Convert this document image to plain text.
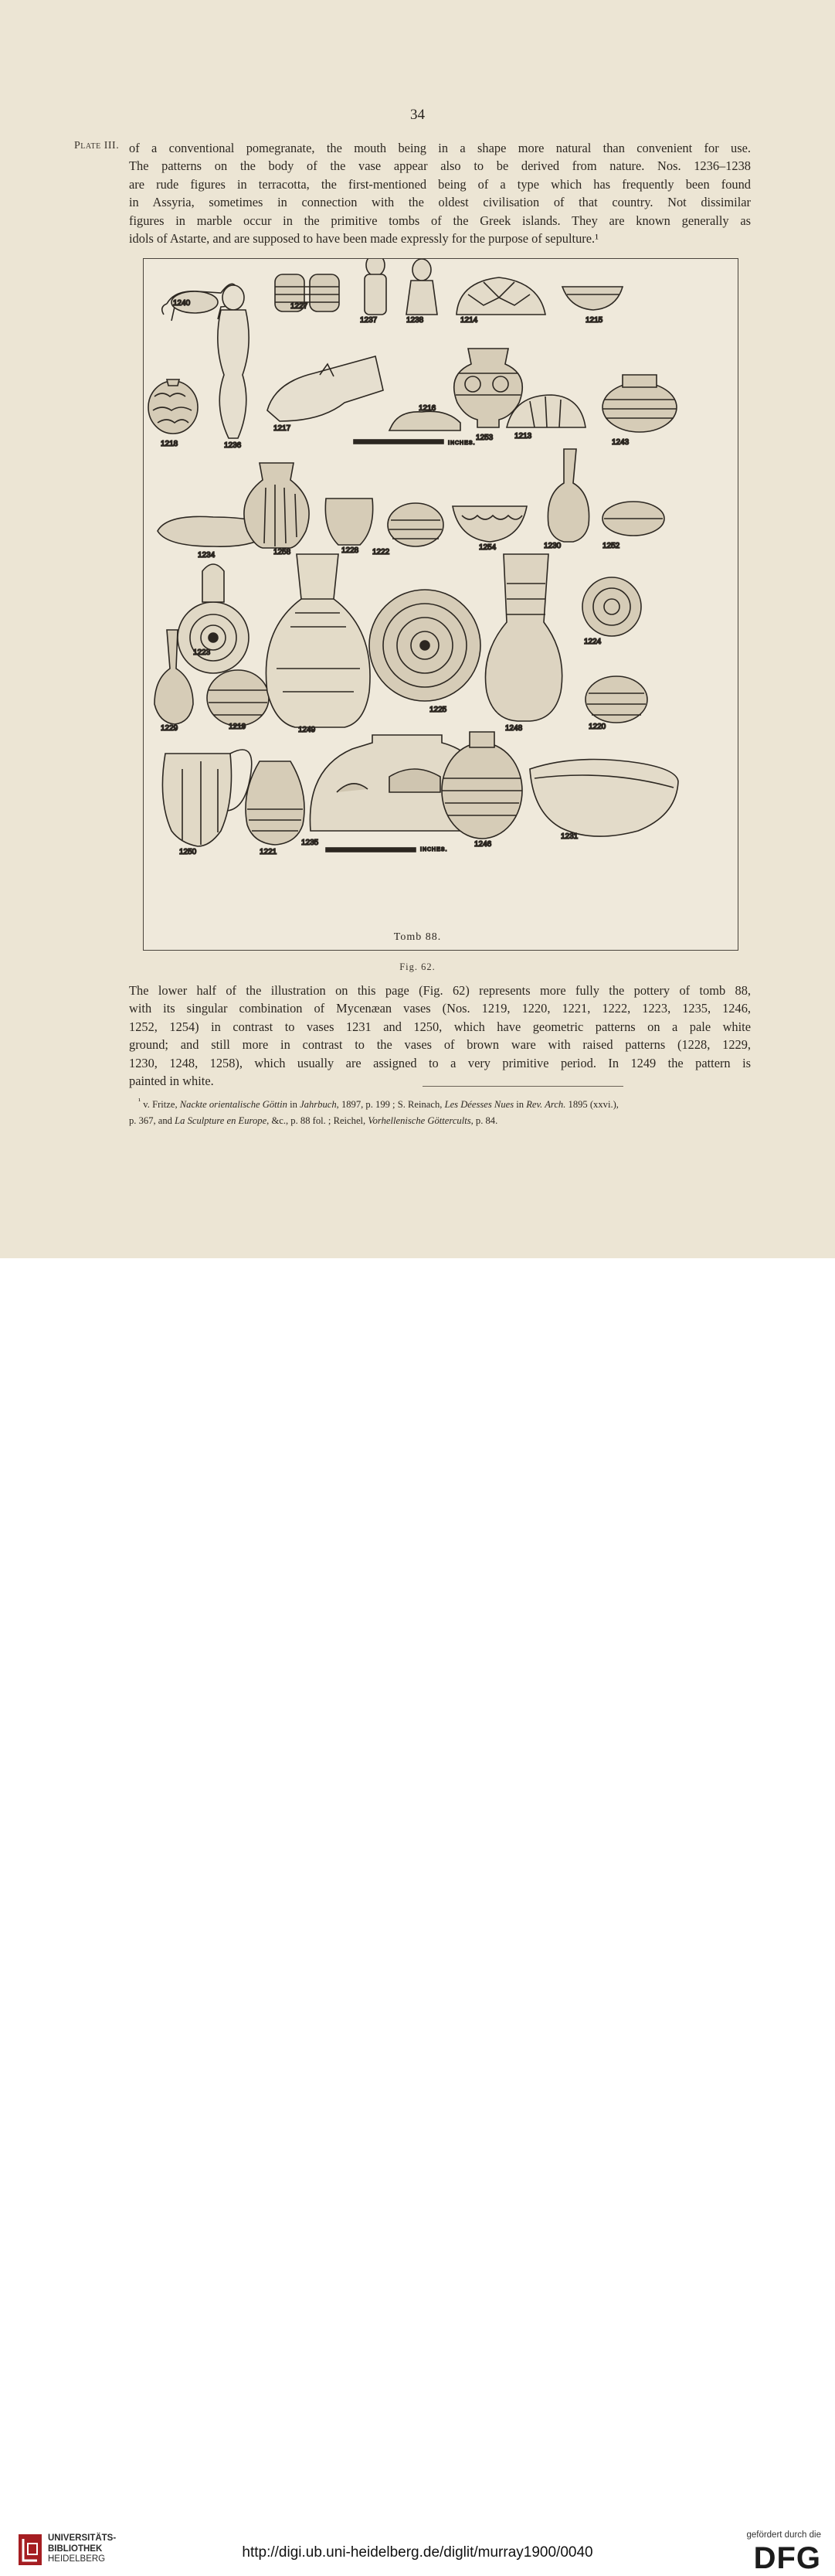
34
Plate III. of a conventional pomegranate, the mouth being in a shape more natural than convenient for use.
The patterns on the body of the vase appear also to be derived from nature. Nos. 1236–1238
are rude figures in terracotta, the first-mentioned being of a type which has frequently been found
in Assyria, sometimes in connection with the oldest civilisation of that country. Not dissimilar
figures in marble occur in the primitive tombs of the Greek islands. They are known generally as
idols of Astarte, and are supposed to have been made expressly for the purpose of sepulture.¹
1240	1227
1237	1238	1214	1215
1218	1236
1217
1216
1253	1213
1243
INCHES.
1234	1258	1228 1222
1254	1230	1252
1223
1224
1229	1219	1249
1225
1248	1220
1250	1221
1235
INCHES.
1246
1231
Tomb 88.
Fig. 62.
The lower half of the illustration on this page (Fig. 62) represents more fully the pottery of tomb 88,
with its singular combination of Mycenæan vases (Nos. 1219, 1220, 1221, 1222, 1223, 1235, 1246,
1252, 1254) in contrast to vases 1231 and 1250, which have geometric patterns on a pale white
ground; and still more in contrast to the vases of brown ware with raised patterns (1228, 1229,
1230, 1248, 1258), which usually are assigned to a very primitive period. In 1249 the pattern is
painted in white.
$^{^1}$ v. Fritze, Nackte orientalische Göttin in Jahrbuch, 1897, p. 199 ; S. Reinach, Les Déesses Nues in Rev. Arch. 1895 (xxvi.),
p. 367, and La Sculpture en Europe, &c., p. 88 fol. ; Reichel, Vorhellenische Göttercults, p. 84.
UNIVERSITÄTS-
BIBLIOTHEK
HEIDELBERG	http://digi.ub.uni-heidelberg.de/diglit/murray1900/0040
gefördert durch die
DFG
